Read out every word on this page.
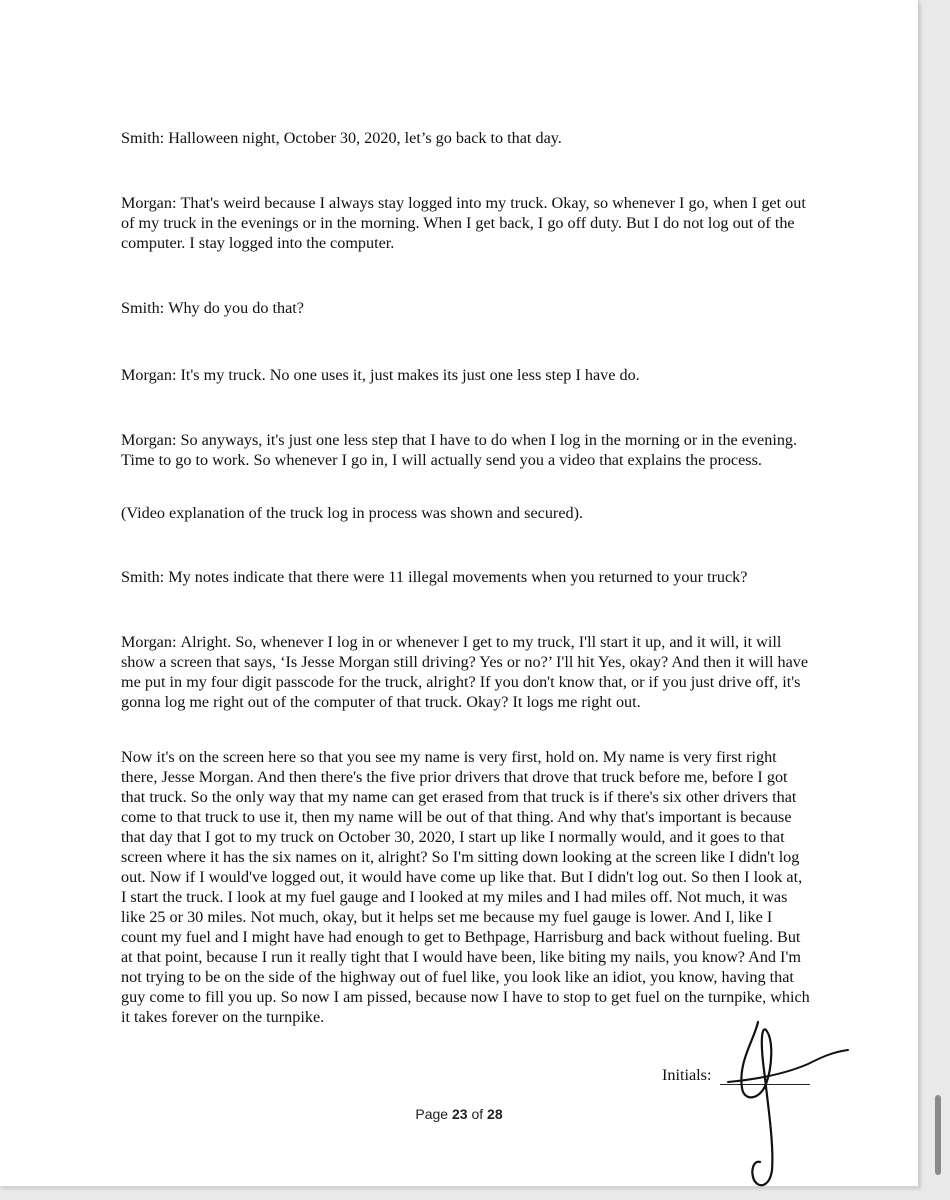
Smith: Halloween night, October 30, 2020, let’s go back to that day.

Morgan: That's weird because I always stay logged into my truck. Okay, so whenever I go, when I get out of my truck in the evenings or in the morning. When I get back, I go off duty. But I do not log out of the computer. I stay logged into the computer.

Smith: Why do you do that?

Morgan: It's my truck. No one uses it, just makes its just one less step I have do.

Morgan: So anyways, it's just one less step that I have to do when I log in the morning or in the evening. Time to go to work. So whenever I go in, I will actually send you a video that explains the process.

(Video explanation of the truck log in process was shown and secured).

Smith: My notes indicate that there were 11 illegal movements when you returned to your truck?

Morgan: Alright. So, whenever I log in or whenever I get to my truck, I'll start it up, and it will, it will show a screen that says, ‘Is Jesse Morgan still driving? Yes or no?’ I'll hit Yes, okay? And then it will have me put in my four digit passcode for the truck, alright? If you don't know that, or if you just drive off, it's gonna log me right out of the computer of that truck. Okay? It logs me right out.

Now it's on the screen here so that you see my name is very first, hold on. My name is very first right there, Jesse Morgan. And then there's the five prior drivers that drove that truck before me, before I got that truck. So the only way that my name can get erased from that truck is if there's six other drivers that come to that truck to use it, then my name will be out of that thing. And why that's important is because that day that I got to my truck on October 30, 2020, I start up like I normally would, and it goes to that screen where it has the six names on it, alright? So I'm sitting down looking at the screen like I didn't log out. Now if I would've logged out, it would have come up like that. But I didn't log out. So then I look at, I start the truck. I look at my fuel gauge and I looked at my miles and I had miles off. Not much, it was like 25 or 30 miles. Not much, okay, but it helps set me because my fuel gauge is lower. And I, like I count my fuel and I might have had enough to get to Bethpage, Harrisburg and back without fueling. But at that point, because I run it really tight that I would have been, like biting my nails, you know? And I'm not trying to be on the side of the highway out of fuel like, you look like an idiot, you know, having that guy come to fill you up. So now I am pissed, because now I have to stop to get fuel on the turnpike, which it takes forever on the turnpike.

Initials:
Page 23 of 28
